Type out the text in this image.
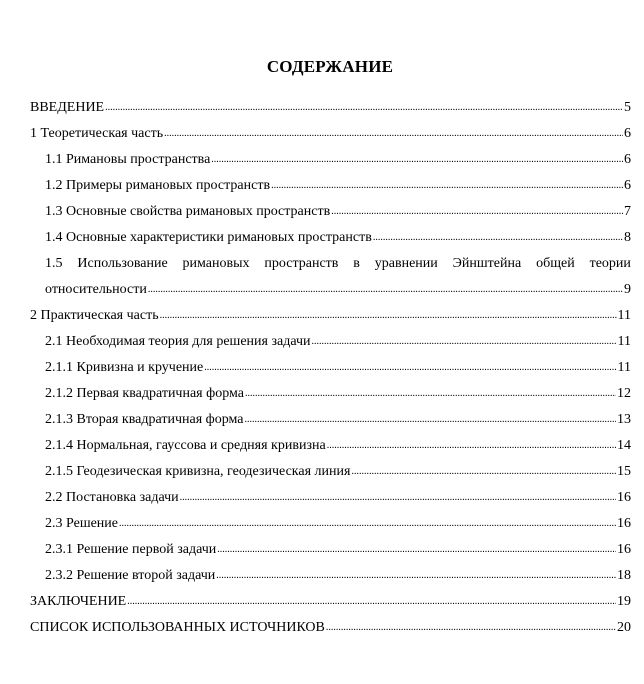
СОДЕРЖАНИЕ
ВВЕДЕНИЕ .....	5
1 Теоретическая часть .....	6
1.1 Римановы пространства .....	6
1.2 Примеры римановых пространств .....	6
1.3 Основные свойства римановых пространств .....	7
1.4 Основные характеристики римановых пространств .....	8
1.5 Использование римановых пространств в уравнении Эйнштейна общей теории
относительности .....	9
2 Практическая часть .....	11
2.1 Необходимая теория для решения задачи .....	11
2.1.1 Кривизна и кручение .....	11
2.1.2 Первая квадратичная форма .....	12
2.1.3 Вторая квадратичная форма .....	13
2.1.4 Нормальная, гауссова и средняя кривизна .....	14
2.1.5 Геодезическая кривизна, геодезическая линия .....	15
2.2 Постановка задачи .....	16
2.3 Решение .....	16
2.3.1 Решение первой задачи .....	16
2.3.2 Решение второй задачи .....	18
ЗАКЛЮЧЕНИЕ .....	19
СПИСОК ИСПОЛЬЗОВАННЫХ ИСТОЧНИКОВ .....	20
